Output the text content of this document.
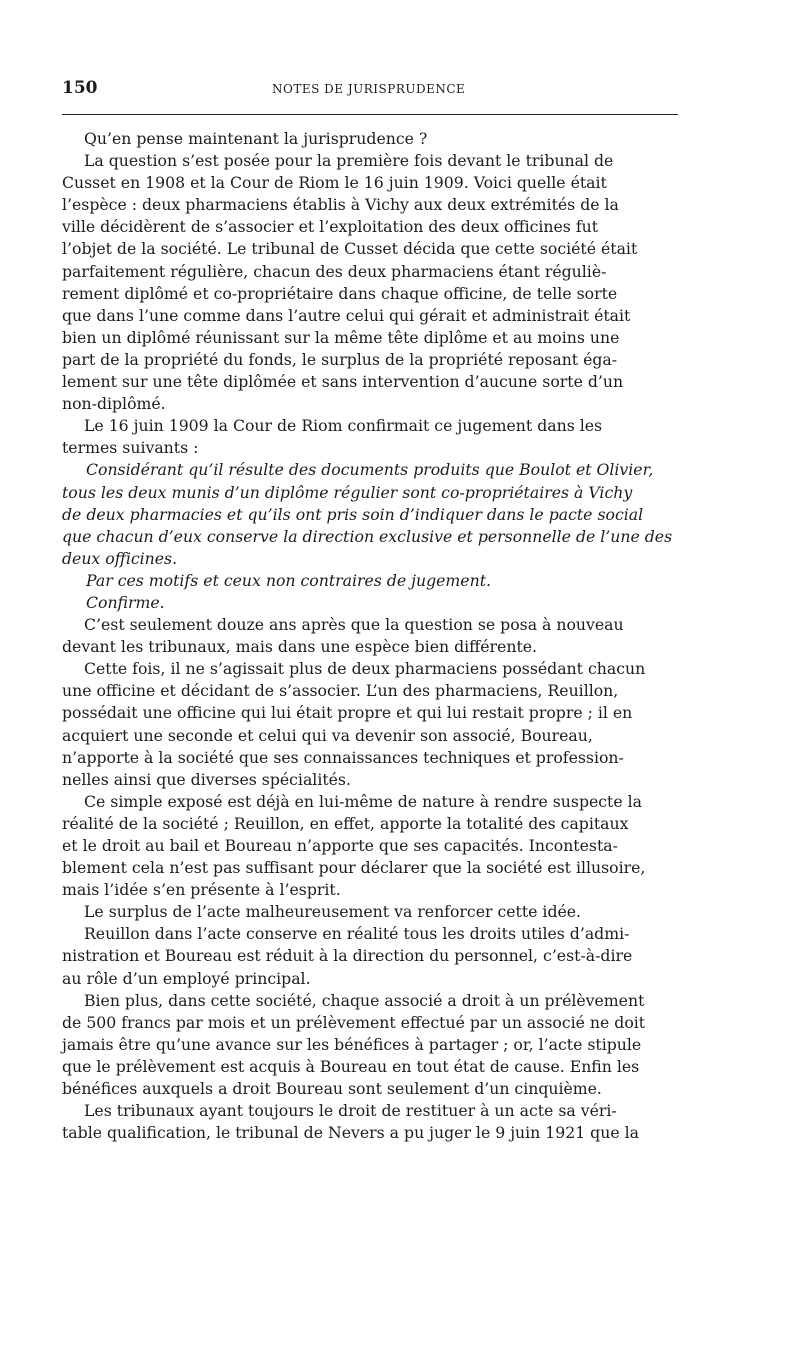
150	NOTES DE JURISPRUDENCE
Qu’en pense maintenant la jurisprudence ?
La question s’est posée pour la première fois devant le tribunal de
Cusset en 1908 et la Cour de Riom le 16 juin 1909. Voici quelle était
l’espèce : deux pharmaciens établis à Vichy aux deux extrémités de la
ville décidèrent de s’associer et l’exploitation des deux officines fut
l’objet de la société. Le tribunal de Cusset décida que cette société était
parfaitement régulière, chacun des deux pharmaciens étant réguliè-
rement diplômé et co-propriétaire dans chaque officine, de telle sorte
que dans l’une comme dans l’autre celui qui gérait et administrait était
bien un diplômé réunissant sur la même tête diplôme et au moins une
part de la propriété du fonds, le surplus de la propriété reposant éga-
lement sur une tête diplômée et sans intervention d’aucune sorte d’un
non-diplômé.
Le 16 juin 1909 la Cour de Riom confirmait ce jugement dans les
termes suivants :
Considérant qu’il résulte des documents produits que Boulot et Olivier,
tous les deux munis d’un diplôme régulier sont co-propriétaires à Vichy
de deux pharmacies et qu’ils ont pris soin d’indiquer dans le pacte social
que chacun d’eux conserve la direction exclusive et personnelle de l’une des
deux officines.
Par ces motifs et ceux non contraires de jugement.
Confirme.
C’est seulement douze ans après que la question se posa à nouveau
devant les tribunaux, mais dans une espèce bien différente.
Cette fois, il ne s’agissait plus de deux pharmaciens possédant chacun
une officine et décidant de s’associer. L’un des pharmaciens, Reuillon,
possédait une officine qui lui était propre et qui lui restait propre ; il en
acquiert une seconde et celui qui va devenir son associé, Boureau,
n’apporte à la société que ses connaissances techniques et profession-
nelles ainsi que diverses spécialités.
Ce simple exposé est déjà en lui-même de nature à rendre suspecte la
réalité de la société ; Reuillon, en effet, apporte la totalité des capitaux
et le droit au bail et Boureau n’apporte que ses capacités. Incontesta-
blement cela n’est pas suffisant pour déclarer que la société est illusoire,
mais l’idée s’en présente à l’esprit.
Le surplus de l’acte malheureusement va renforcer cette idée.
Reuillon dans l’acte conserve en réalité tous les droits utiles d’admi-
nistration et Boureau est réduit à la direction du personnel, c’est-à-dire
au rôle d’un employé principal.
Bien plus, dans cette société, chaque associé a droit à un prélèvement
de 500 francs par mois et un prélèvement effectué par un associé ne doit
jamais être qu’une avance sur les bénéfices à partager ; or, l’acte stipule
que le prélèvement est acquis à Boureau en tout état de cause. Enfin les
bénéfices auxquels a droit Boureau sont seulement d’un cinquième.
Les tribunaux ayant toujours le droit de restituer à un acte sa véri-
table qualification, le tribunal de Nevers a pu juger le 9 juin 1921 que la
